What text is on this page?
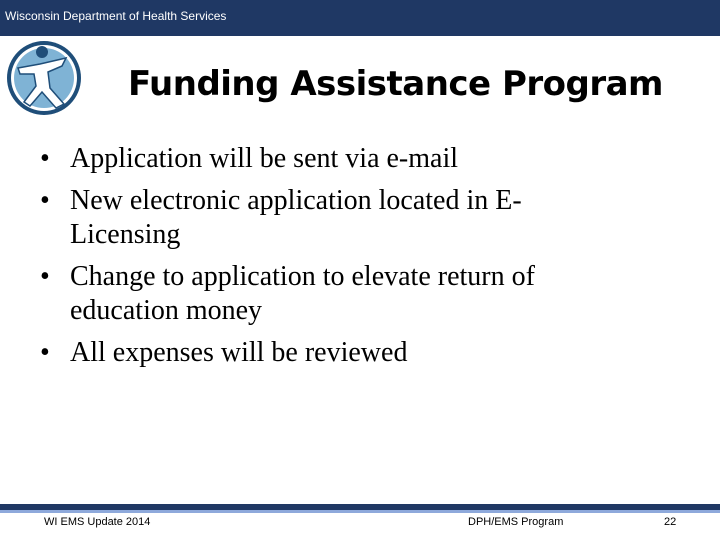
Wisconsin Department of Health Services
Funding Assistance Program
• Application will be sent via e-mail
• New electronic application located in E-
Licensing
• Change to application to elevate return of
education money
• All expenses will be reviewed
WI EMS Update 2014	DPH/EMS Program	22
